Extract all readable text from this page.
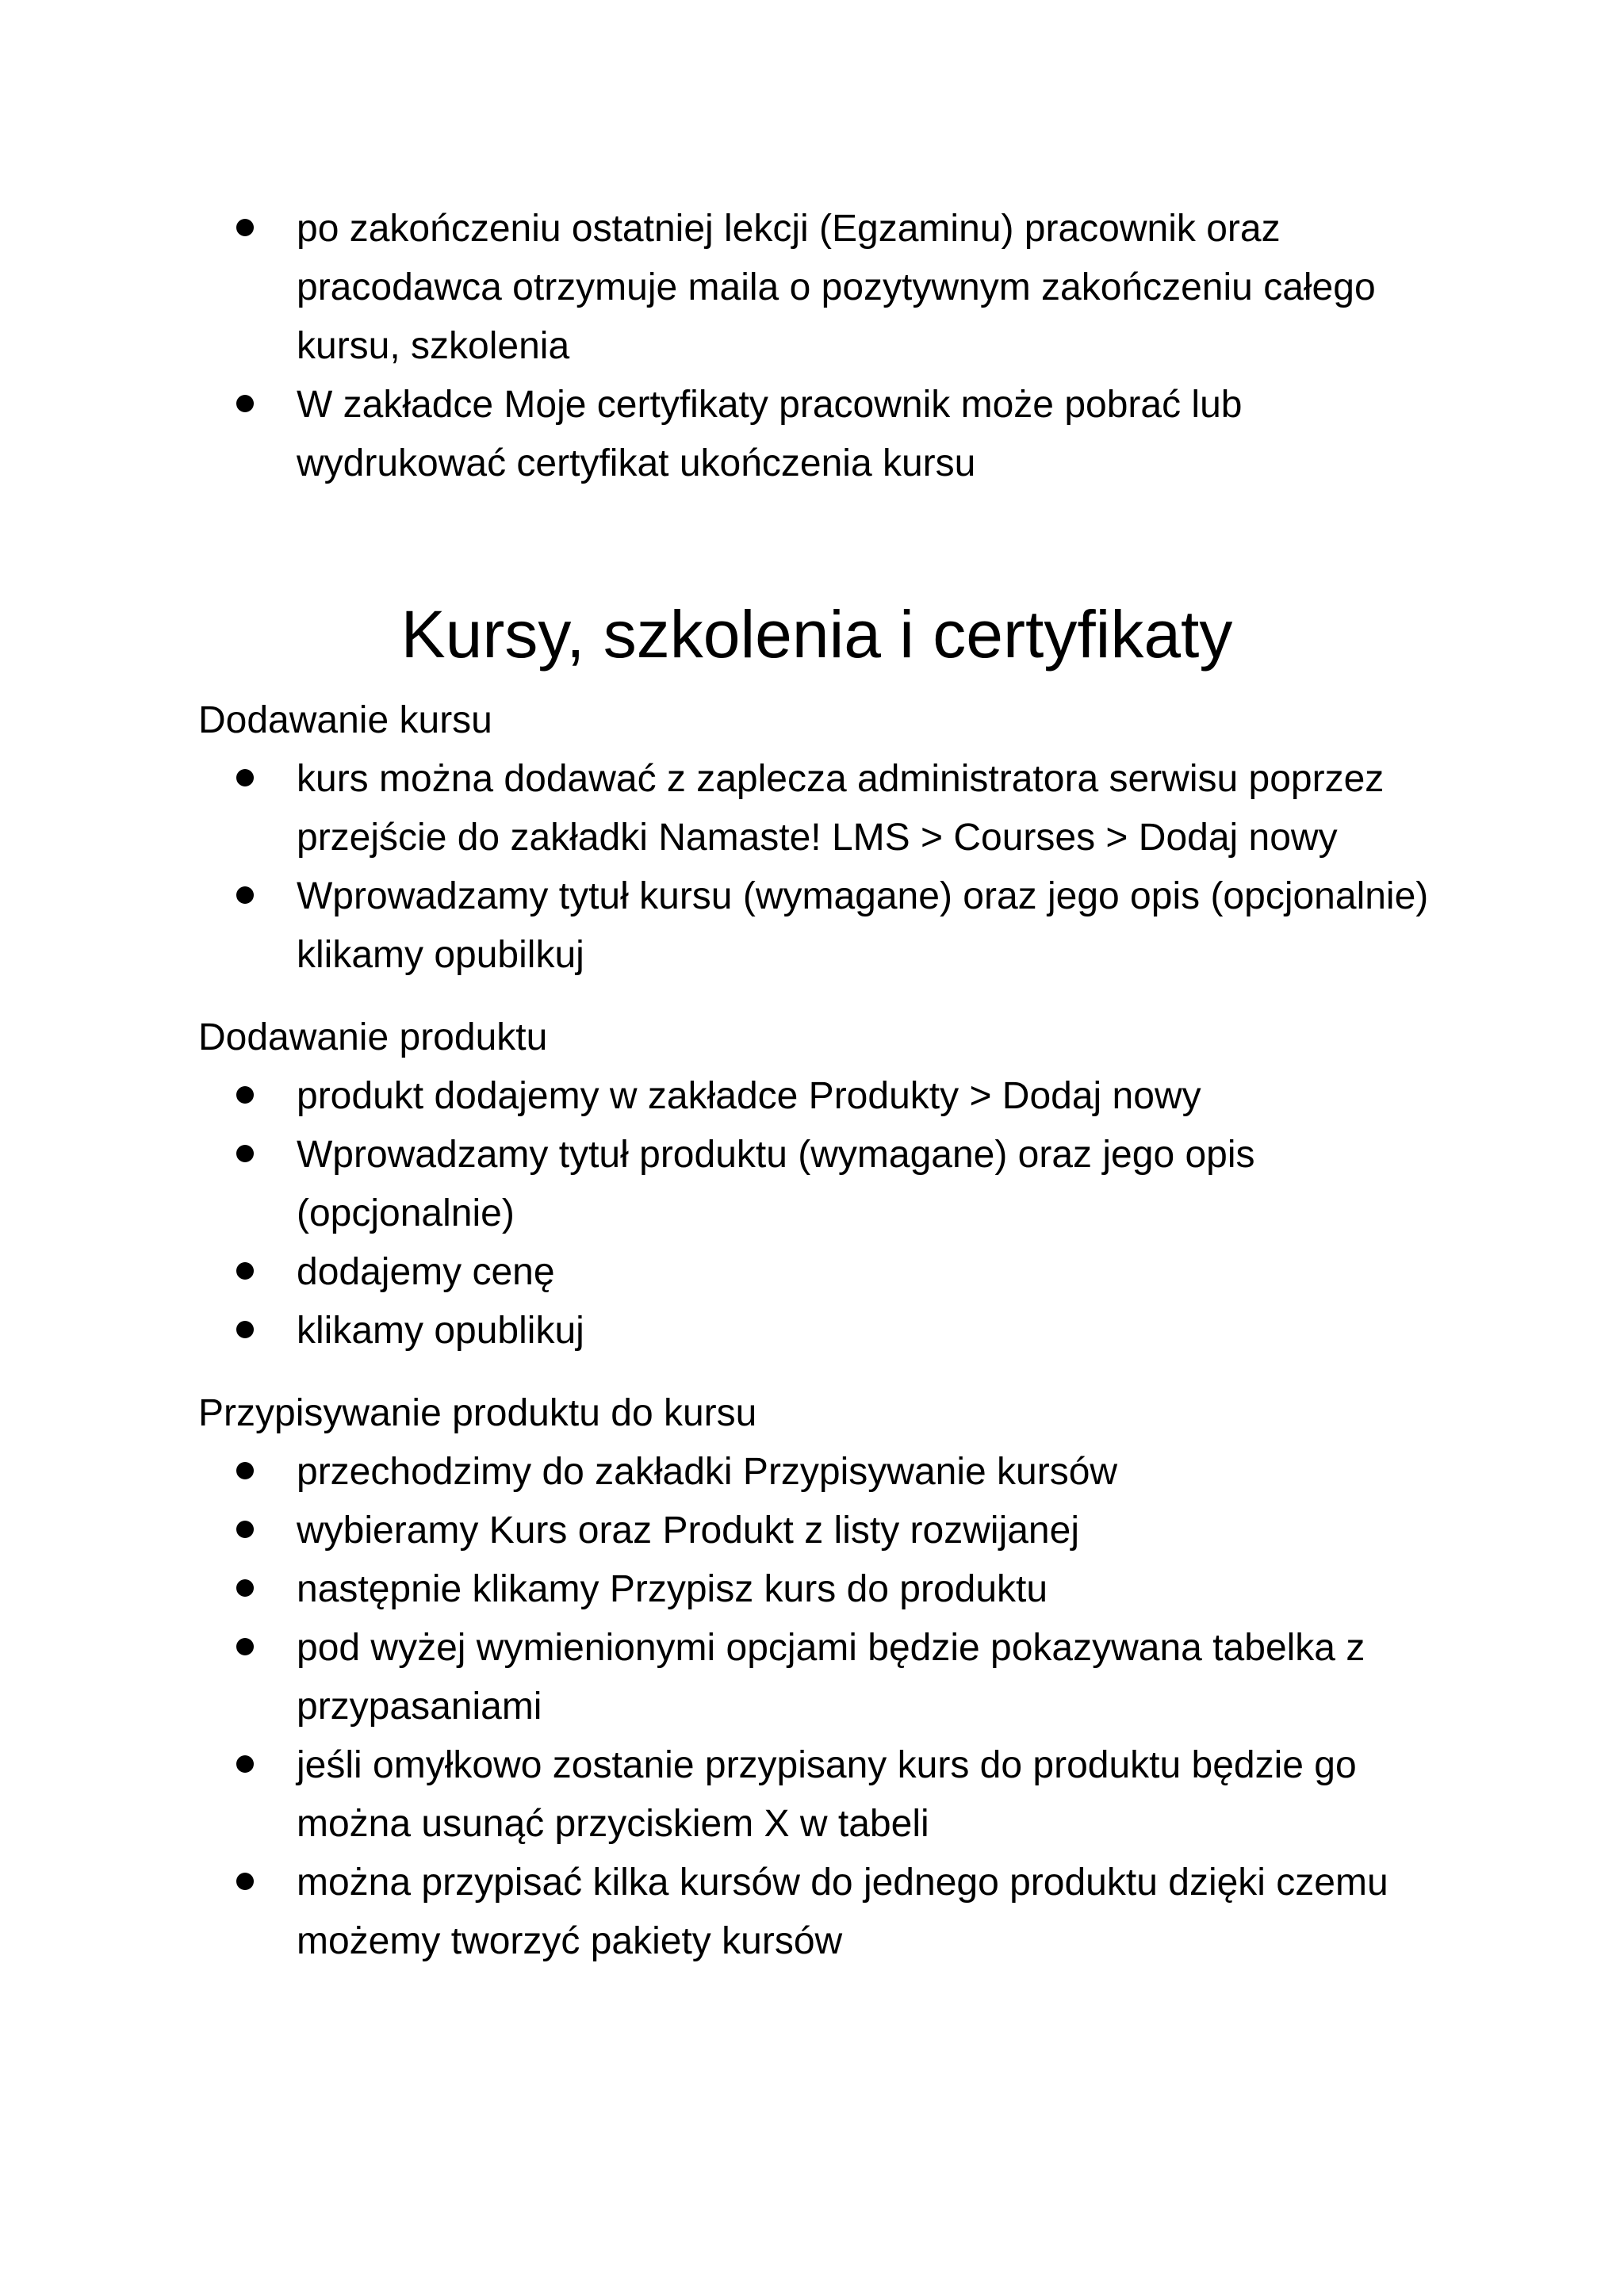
po zakończeniu ostatniej lekcji (Egzaminu) pracownik oraz pracodawca otrzymuje maila o pozytywnym zakończeniu całego kursu, szkolenia
W zakładce Moje certyfikaty pracownik może pobrać lub wydrukować certyfikat ukończenia kursu
Kursy, szkolenia i certyfikaty
Dodawanie kursu
kurs można dodawać z zaplecza administratora serwisu poprzez przejście do zakładki Namaste! LMS > Courses > Dodaj nowy
Wprowadzamy tytuł kursu (wymagane) oraz jego opis (opcjonalnie) klikamy opubilkuj
Dodawanie produktu
produkt dodajemy w zakładce Produkty > Dodaj nowy
Wprowadzamy tytuł produktu (wymagane) oraz jego opis (opcjonalnie)
dodajemy cenę
klikamy opublikuj
Przypisywanie produktu do kursu
przechodzimy do zakładki Przypisywanie kursów
wybieramy Kurs oraz Produkt z listy rozwijanej
następnie klikamy Przypisz kurs do produktu
pod wyżej wymienionymi opcjami będzie pokazywana tabelka z przypasaniami
jeśli omyłkowo zostanie przypisany kurs do produktu będzie go można usunąć przyciskiem X w tabeli
można przypisać kilka kursów do jednego produktu dzięki czemu możemy tworzyć pakiety kursów
